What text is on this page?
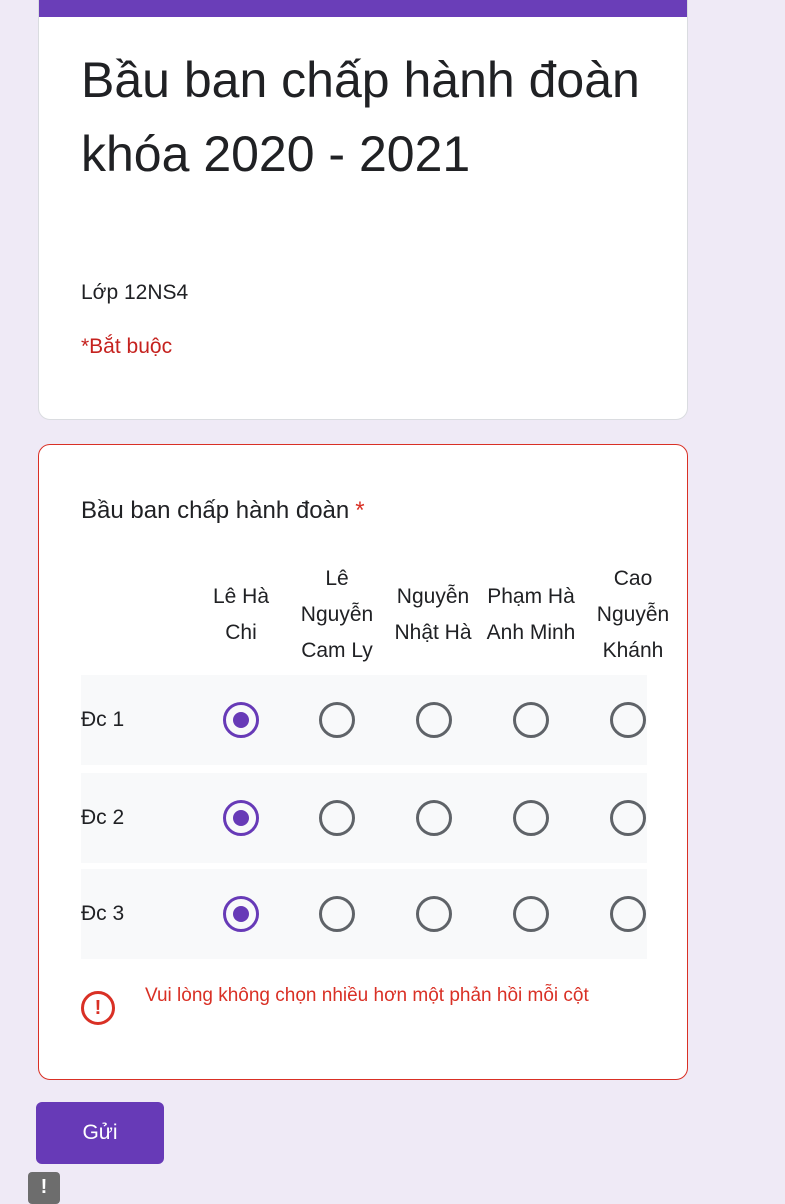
Bầu ban chấp hành đoàn khóa 2020 - 2021
Lớp 12NS4
*Bắt buộc
Bầu ban chấp hành đoàn *
Lê Hà Chi
Lê Nguyễn Cam Ly
Nguyễn Nhật Hà
Phạm Hà Anh Minh
Cao Nguyễn Khánh
Đc 1
Đc 2
Đc 3
!
Vui lòng không chọn nhiều hơn một phản hồi mỗi cột
Gửi
!
